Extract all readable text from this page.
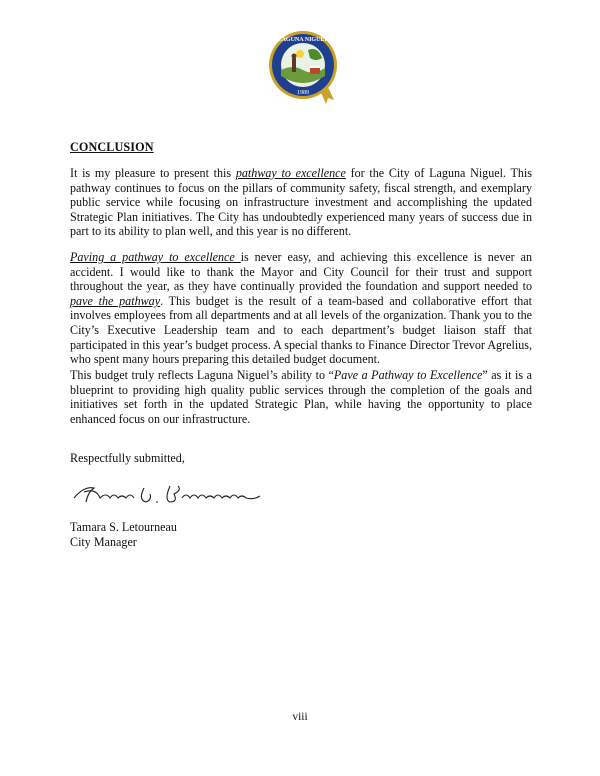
LAGUNA NIGUEL
1989
CONCLUSION

It is my pleasure to present this pathway to excellence for the City of Laguna Niguel. This pathway continues to focus on the pillars of community safety, fiscal strength, and exemplary public service while focusing on infrastructure investment and accomplishing the updated Strategic Plan initiatives. The City has undoubtedly experienced many years of success due in part to its ability to plan well, and this year is no different.

Paving a pathway to excellence is never easy, and achieving this excellence is never an accident. I would like to thank the Mayor and City Council for their trust and support throughout the year, as they have continually provided the foundation and support needed to pave the pathway. This budget is the result of a team-based and collaborative effort that involves employees from all departments and at all levels of the organization. Thank you to the City’s Executive Leadership team and to each department’s budget liaison staff that participated in this year’s budget process. A special thanks to Finance Director Trevor Agrelius, who spent many hours preparing this detailed budget document.

This budget truly reflects Laguna Niguel’s ability to “Pave a Pathway to Excellence” as it is a blueprint to providing high quality public services through the completion of the goals and initiatives set forth in the updated Strategic Plan, while having the opportunity to place enhanced focus on our infrastructure.

Respectfully submitted,

Tamara S. Letourneau
City Manager
viii
